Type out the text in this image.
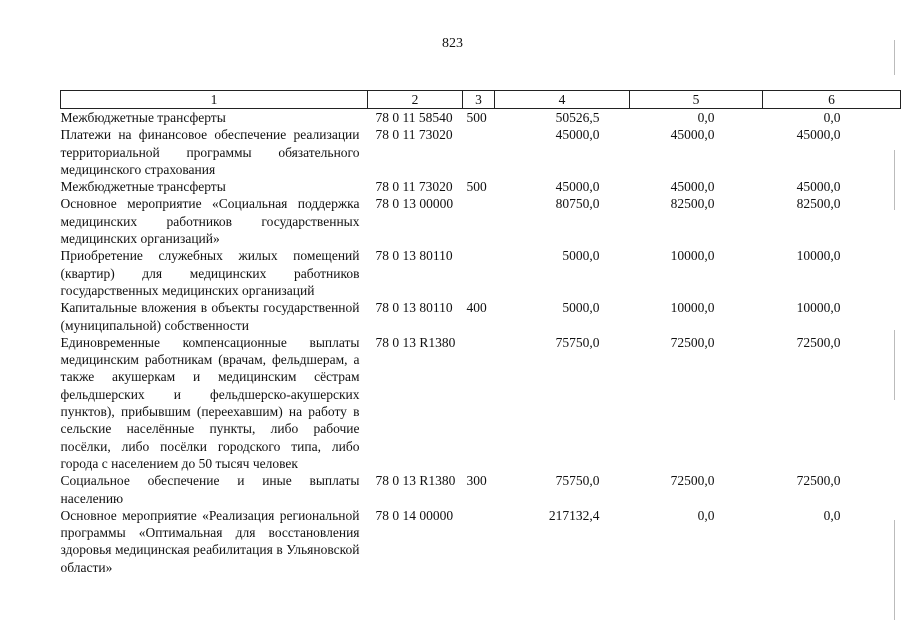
823
1	2	3	4	5	6
Межбюджетные трансферты	78 0 11 58540	500	50526,5	0,0	0,0
Платежи на финансовое обеспечение реализации территориальной программы обязательного медицинского страхования	78 0 11 73020		45000,0	45000,0	45000,0
Межбюджетные трансферты	78 0 11 73020	500	45000,0	45000,0	45000,0
Основное мероприятие «Социальная поддержка медицинских работников государственных медицинских организаций»	78 0 13 00000		80750,0	82500,0	82500,0
Приобретение служебных жилых помещений (квартир) для медицинских работников государственных медицинских организаций	78 0 13 80110		5000,0	10000,0	10000,0
Капитальные вложения в объекты государственной (муниципальной) собственности	78 0 13 80110	400	5000,0	10000,0	10000,0
Единовременные компенсационные выплаты медицинским работникам (врачам, фельдшерам, а также акушеркам и медицинским сёстрам фельдшерских и фельдшерско-акушерских пунктов), прибывшим (переехавшим) на работу в сельские населённые пункты, либо рабочие посёлки, либо посёлки городского типа, либо города с населением до 50 тысяч человек	78 0 13 R1380		75750,0	72500,0	72500,0
Социальное обеспечение и иные выплаты населению	78 0 13 R1380	300	75750,0	72500,0	72500,0
Основное мероприятие «Реализация региональной программы «Оптимальная для восстановления здоровья медицинская реабилитация в Ульяновской области»	78 0 14 00000		217132,4	0,0	0,0
